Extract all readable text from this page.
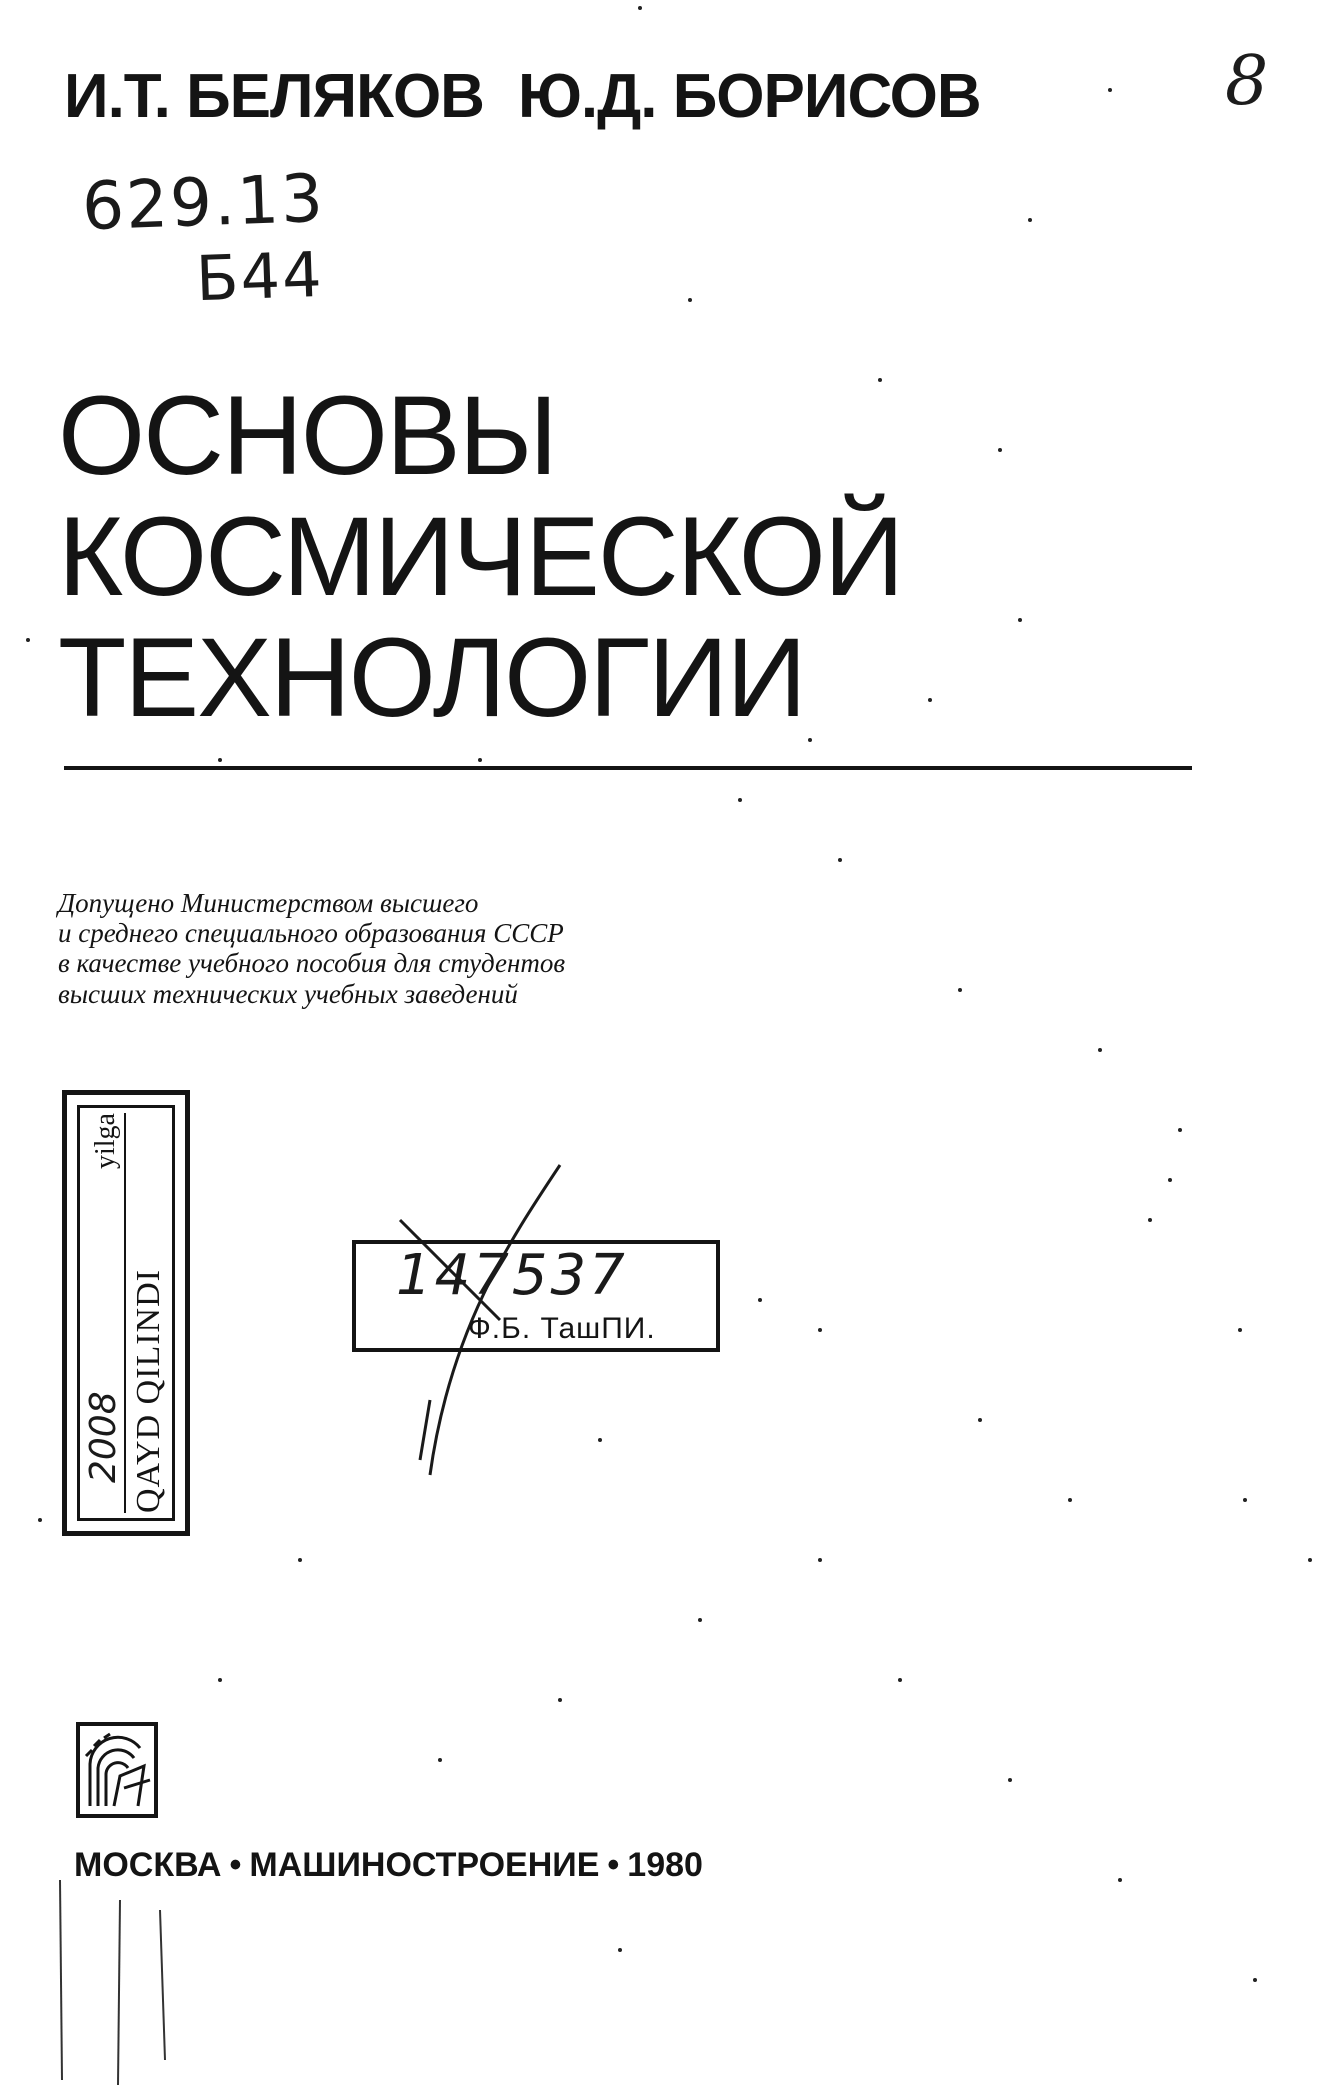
8
И.Т. БЕЛЯКОВ Ю.Д. БОРИСОВ
629.13
Б44
ОСНОВЫ
КОСМИЧЕСКОЙ
ТЕХНОЛОГИИ
Допущено Министерством высшего
и среднего специального образования СССР
в качестве учебного пособия для студентов
высших технических учебных заведений
2008
yilga
QAYD QILINDI	147537
Ф.Б. ТашПИ.
МОСКВА • МАШИНОСТРОЕНИЕ • 1980
